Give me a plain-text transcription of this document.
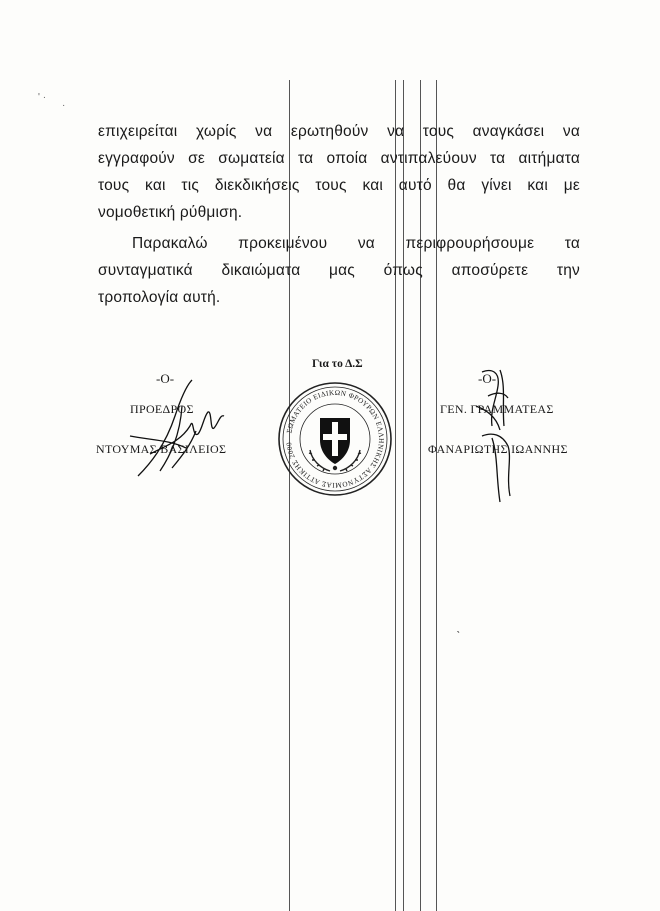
' ·
·
ˋ
επιχειρείται χωρίς να ερωτηθούν να τους αναγκάσει να
εγγραφούν σε σωματεία τα οποία αντιπαλεύουν τα αιτήματα
τους και τις διεκδικήσεις τους και αυτό θα γίνει και με
νομοθετική ρύθμιση.
Παρακαλώ προκειμένου να περιφρουρήσουμε τα
συνταγματικά δικαιώματα μας όπως αποσύρετε την
τροπολογία αυτή.
-Ο-
ΠΡΟΕΔΡΟΣ
ΝΤΟΥΜΑΣ ΒΑΣΙΛΕΙΟΣ
Για το Δ.Σ
ΣΩΜΑΤΕΙΟ ΕΙΔΙΚΩΝ ΦΡΟΥΡΩΝ ΕΛΛΗΝΙΚΗΣ ΑΣΤΥΝΟΜΙΑΣ ΑΤΤΙΚΗΣ 2000
-Ο-
ΓΕΝ. ΓΡΑΜΜΑΤΕΑΣ
ΦΑΝΑΡΙΩΤΗΣ ΙΩΑΝΝΗΣ
